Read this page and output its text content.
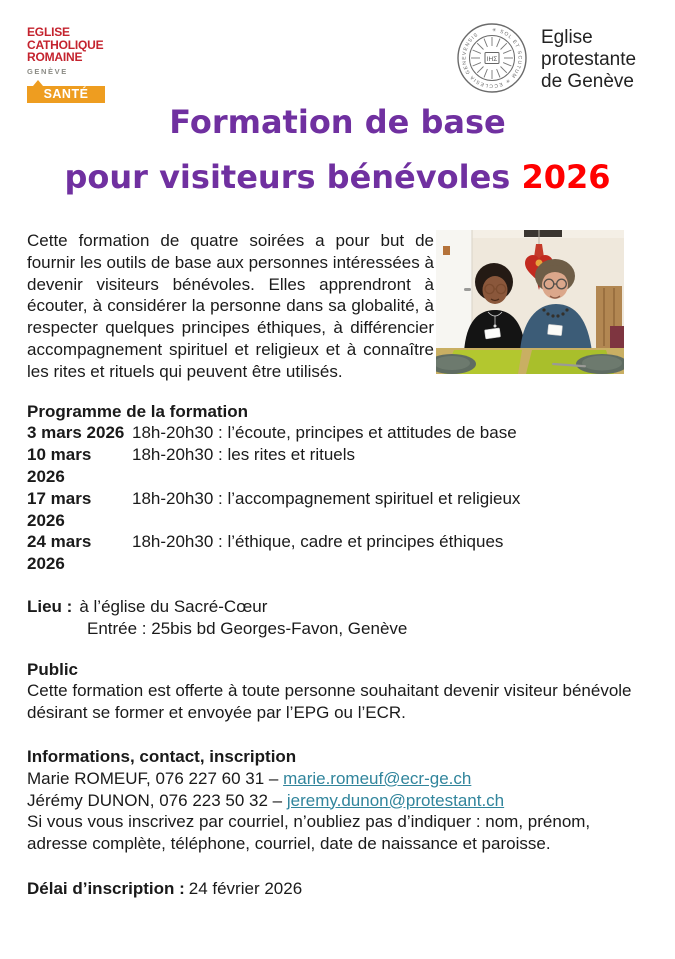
EGLISE
CATHOLIQUE
ROMAINE
GENÈVE
SANTÉ
ΙΗΣ
✳ SOL ET SCUTUM ✳ ECCLESIA GENEVENSIS	Eglise
protestante
de Genève
Formation de base
pour visiteurs bénévoles 2026

Cette formation de quatre soirées a pour but de fournir les outils de base aux personnes intéressées à devenir visiteurs bénévoles. Elles apprendront à écouter, à considérer la personne dans sa globalité, à respecter quelques principes éthiques, à différencier accompagnement spirituel et religieux et à connaître les rites et rituels qui peuvent être utilisés.

Programme de la formation
3 mars 2026 18h-20h30 : l’écoute, principes et attitudes de base
10 mars 2026
18h-20h30 : les rites et rituels
17 mars 2026
18h-20h30 : l’accompagnement spirituel et religieux
24 mars 2026
18h-20h30 : l’éthique, cadre et principes éthiques
Lieu : à l’église du Sacré-Cœur
Entrée : 25bis bd Georges-Favon, Genève
Public

Cette formation est offerte à toute personne souhaitant devenir visiteur bénévole désirant se former et envoyée par l’EPG ou l’ECR.

Informations, contact, inscription
Marie ROMEUF, 076 227 60 31 – marie.romeuf@ecr-ge.ch
Jérémy DUNON, 076 223 50 32 – jeremy.dunon@protestant.ch

Si vous vous inscrivez par courriel, n’oubliez pas d’indiquer : nom, prénom, adresse complète, téléphone, courriel, date de naissance et paroisse.

Délai d’inscription : 24 février 2026
